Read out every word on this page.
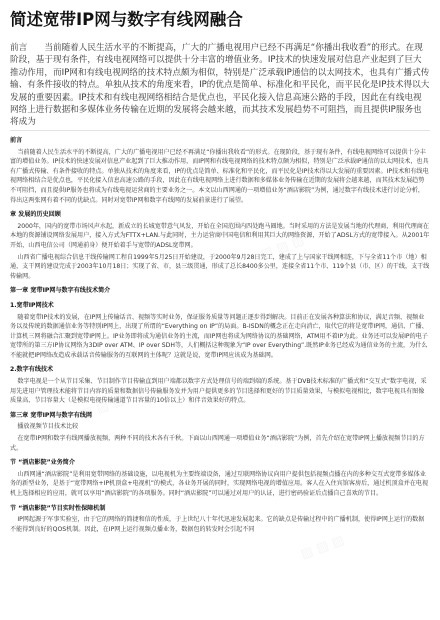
简述宽带IP网与数字有线网融合
前言　　当前随着人民生活水平的不断提高，广大的广播电视用户已经不再满足“你播出我收看”的形式。在现阶段，基于现有条件，有线电视网络可以提供十分丰富的增值业务。IP技术的快速发展对信息产业起到了巨大推动作用，而IP网和有线电视网络的技术特点颇为相似，特别是广泛承载IP通信的以太网技术，也具有广播式传输、有条件接收的特点。单独从技术的角度来看，IP的优点是简单、标准化和平民化，而平民化是IP技术得以大发展的重要因素。IP技术和有线电视网络相结合是优点也，平民化接入信息高速公路的手段，因此在有线电视网络上进行数据和多媒体业务传输在近期的发展将会越来越，而其技术发展趋势不可阻挡，而且提供IP服务也将成为

前言

当前随着人民生活水平的不断提高，广大的广播电视用户已经不再满足“你播出我收看”的形式。在现阶段，基于现有条件，有线电视网络可以提供十分丰富的增值业务。IP技术的快速发展对信息产业起到了巨大推动作用，而IP网和有线电视网络的技术特点颇为相似，特别是广泛承载IP通信的以太网技术，也具有广播式传输、有条件接收的特点。单独从技术的角度来看，IP的优点是简单、标准化和平民化，而平民化是IP技术得以大发展的重要因素。IP技术和有线电视网络相结合是优点也，平民化接入信息高速公路的手段，因此在有线电视网络上进行数据和多媒体业务传输在近期的发展将会越来越，而其技术发展趋势不可阻挡，而且提供IP服务也将成为有线电视运营商的主要业务之一。本文以山西网通的一项增值业务“酒店影院”为例，通过数字有线技术进行讨论分析，得出这两张网有着不同的优缺点。同时对宽带IP网和数字有线网的发展前景进行了展望。

章 发展的历史回顾

2000年，国内的宽带市场风声水起，新成立的长城宽带意气风发，开始在全国范围内四处跑马圈地。当时采用的方法是发展当地的代理商，利用代理商在本地的资源铺设网络发展用户，接入方式为FTTX+LAN.与此同时，主力运营商中国电信和利用其巨大的网络资源，开始了ADSL方式的宽带接入。从2001年开始，山西电信公司（网通前身）便开始着手与宽带的ADSL宽带网。

山西省广播电视综合信息干线传输网工程自1999年5月25日开始建设，于2000年9月28日完工，建成了上与国家干线网相连，下与全省11个市（地）相通，支干网的建设完成于2003年10月18日；实现了省、市，县三级贯通，形成了总长8400多公里，连接全省11个市、119个县（市、区）的干线，支干线传输网。

第一章 宽带IP网与数字有线技术简介

1.宽带IP网技术

随着宽带IP技术的发展，在IP网上传输话音、视频等实时业务，保证服务质量等问题正逐步得到解决。目前正在发展各种算法和协议，满足音频、视频业务以及传统的数据通信业务等特别IP网上，出现了所谓的“Everything on IP”的局面。B-ISDN的概念正在走向消亡，取代它的将是宽带IP网，通信、广播、计算机三网将融合汇聚到宽带IP网上。IP业务即将成为通信业务的主流，而IP网也将成为网络协议的基础网络，ATM用不着IP为此。业务还可以发展IP的电子宽带所的第三方IP协议网络为3DIP over ATM、IP over SDH等，人们概括这种现象为“IP over Everything”.既然IP业务已经成为通信业务的主流，为什么不能就把IP网络改造成承载话音传输服务的互联网的主体呢？这就是说，宽带IP网应该成为基础网。

2.数字有线技术

数字电视是一个从节目采集、节目制作节目传输直到用户端都以数字方式处理信号的端到端的系统。基于DVB技术标准的广播式和“交互式”数字电视，采用先进用户管理技术能将节目内容的质量和数据信号传输服务发并为用户提供更多的节目选择和更好的节目质量效果，与模拟电视相比，数字电视具有图像质量高、节目容量大（是模拟电视传输通道节目容量的10倍以上）和伴音效果好的特点。

第三章 宽带IP网与数字有线网

播放视频节目技术比较

在宽带IP网和数字有线网播放视频，两种不同的技术各有千秋。下面以山西网通一项增值业务“酒店影院”为例，首先介绍在宽带IP网上播放视频节目的方式。

节 “酒店影院”业务简介

山西网通“酒店影院”是利用宽带网络的基础设施，以电视机为主要终端设备，通过互联网络协议向用户提供包括视频点播在内的多种交互式宽带多媒体业务的新型业务，是基于“宽带网络+IP机顶盒+电视机”的模式，各业务开展的同时，实现网络电视的增值应用。客人在入住宾馆客房后，通过机顶盒并在电视机上选择相应的应用，就可以享用“酒店影院”的各项服务。同时“酒店影院”可以通过对用户的认证，进行密码验证后点播自己喜欢的节目。

节 “酒店影院”节目实时性保障机制

IP网起源于军事实验室，由于它的网络的简捷和信的性质，于上世纪八十年代迅速发展起来。它的缺点是传输过程中的广播机制，使得IP网上运行的数据不能得到良好的QOS机制。因此，在IP网上运行视频点播业务，数据包的转发时会引起不同
